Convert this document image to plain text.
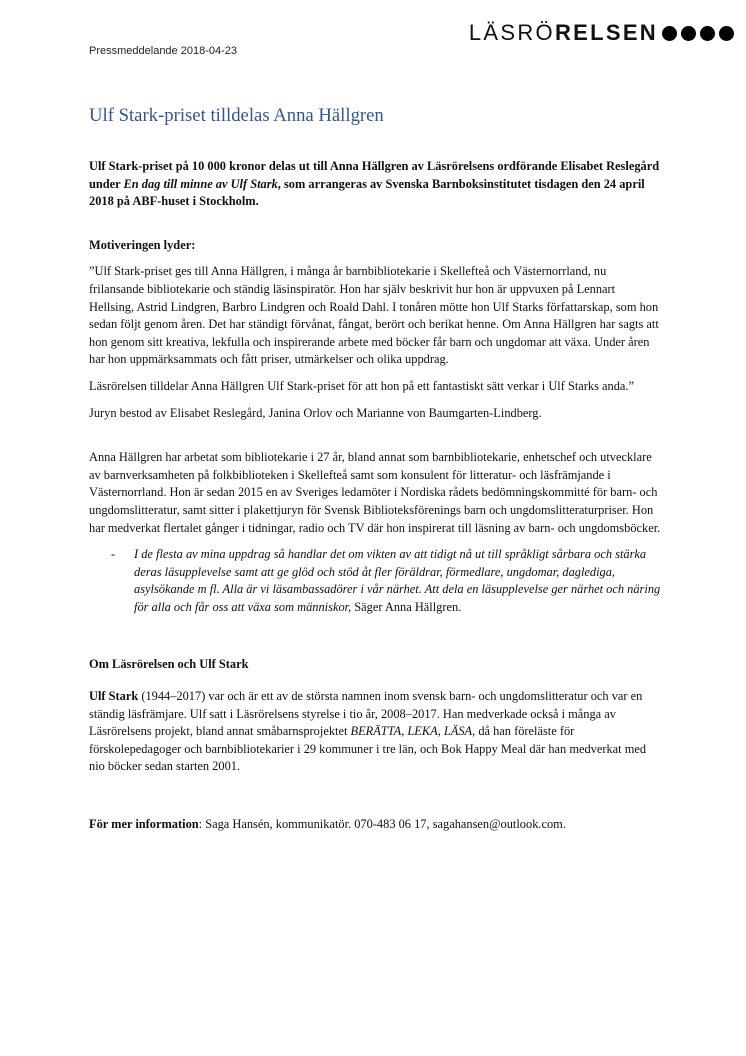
LÄSRÖ RELSEN
Pressmeddelande 2018-04-23
Ulf Stark-priset tilldelas Anna Hällgren

Ulf Stark-priset på 10 000 kronor delas ut till Anna Hällgren av Läsrörelsens ordförande Elisabet Reslegård under En dag till minne av Ulf Stark, som arrangeras av Svenska Barnboksinstitutet tisdagen den 24 april 2018 på ABF-huset i Stockholm.

Motiveringen lyder:

”Ulf Stark-priset ges till Anna Hällgren, i många år barnbibliotekarie i Skellefteå och Västernorrland, nu frilansande bibliotekarie och ständig läsinspiratör. Hon har själv beskrivit hur hon är uppvuxen på Lennart Hellsing, Astrid Lindgren, Barbro Lindgren och Roald Dahl. I tonåren mötte hon Ulf Starks författarskap, som hon sedan följt genom åren. Det har ständigt förvånat, fångat, berört och berikat henne. Om Anna Hällgren har sagts att hon genom sitt kreativa, lekfulla och inspirerande arbete med böcker får barn och ungdomar att växa. Under åren har hon uppmärksammats och fått priser, utmärkelser och olika uppdrag.

Läsrörelsen tilldelar Anna Hällgren Ulf Stark-priset för att hon på ett fantastiskt sätt verkar i Ulf Starks anda.”

Juryn bestod av Elisabet Reslegård, Janina Orlov och Marianne von Baumgarten-Lindberg.

Anna Hällgren har arbetat som bibliotekarie i 27 år, bland annat som barnbibliotekarie, enhetschef och utvecklare av barnverksamheten på folkbiblioteken i Skellefteå samt som konsulent för litteratur- och läsfrämjande i Västernorrland. Hon är sedan 2015 en av Sveriges ledamöter i Nordiska rådets bedömningskommitté för barn- och ungdomslitteratur, samt sitter i plakettjuryn för Svensk Biblioteksförenings barn och ungdomslitteraturpriser. Hon har medverkat flertalet gånger i tidningar, radio och TV där hon inspirerat till läsning av barn- och ungdomsböcker.

-	I de flesta av mina uppdrag så handlar det om vikten av att tidigt nå ut till språkligt sårbara och stärka deras läsupplevelse samt att ge glöd och stöd åt fler föräldrar, förmedlare, ungdomar, daglediga, asylsökande m fl. Alla är vi läsambassadörer i vår närhet. Att dela en läsupplevelse ger närhet och näring för alla och får oss att växa som människor, Säger Anna Hällgren.

Om Läsrörelsen och Ulf Stark

Ulf Stark (1944–2017) var och är ett av de största namnen inom svensk barn- och ungdomslitteratur och var en ständig läsfrämjare. Ulf satt i Läsrörelsens styrelse i tio år, 2008–2017. Han medverkade också i många av Läsrörelsens projekt, bland annat småbarnsprojektet BERÄTTA, LEKA, LÄSA, då han föreläste för förskolepedagoger och barnbibliotekarier i 29 kommuner i tre län, och Bok Happy Meal där han medverkat med nio böcker sedan starten 2001.

För mer information: Saga Hansén, kommunikatör. 070-483 06 17, sagahansen@outlook.com.
